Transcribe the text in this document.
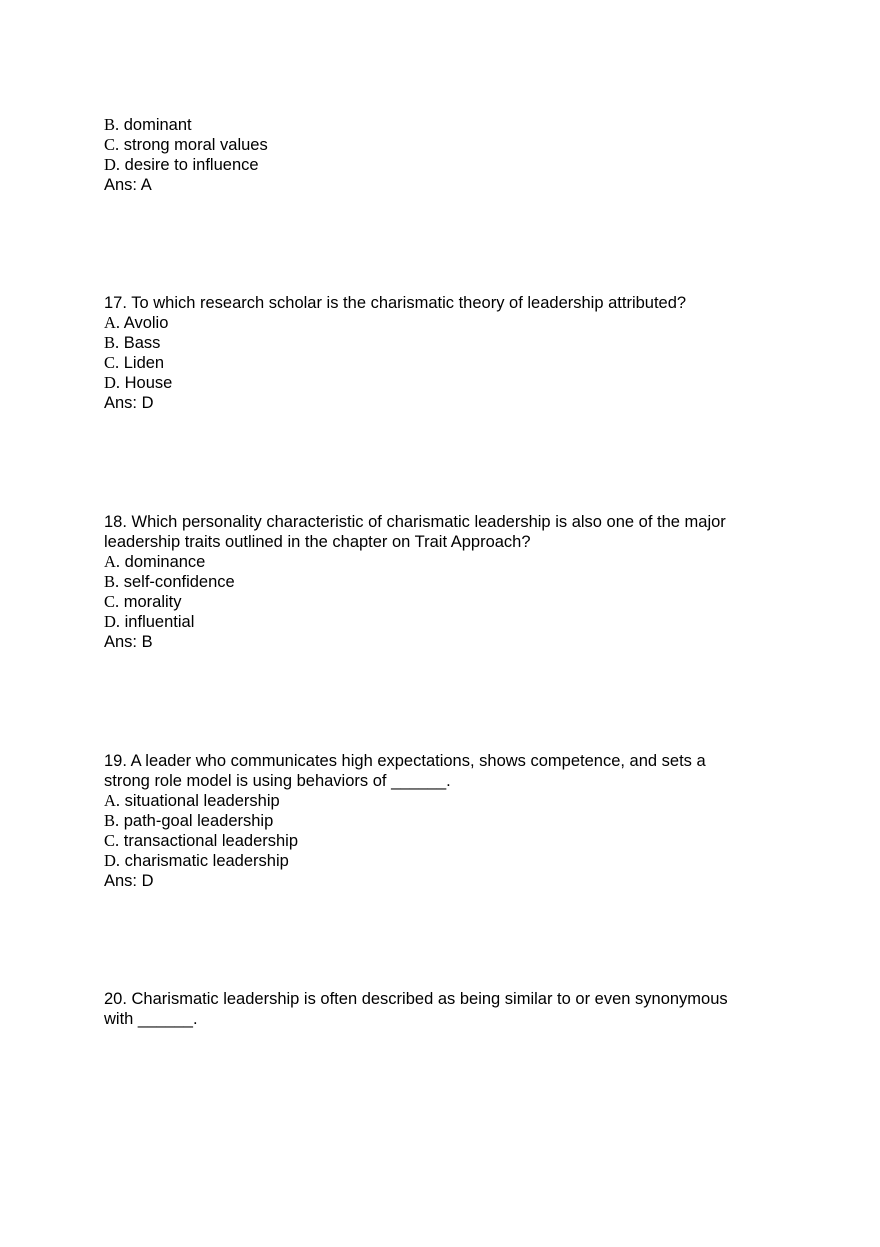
B. dominant
C. strong moral values
D. desire to influence
Ans: A
17. To which research scholar is the charismatic theory of leadership attributed?
A. Avolio
B. Bass
C. Liden
D. House
Ans: D
18. Which personality characteristic of charismatic leadership is also one of the major
leadership traits outlined in the chapter on Trait Approach?
A. dominance
B. self-confidence
C. morality
D. influential
Ans: B
19. A leader who communicates high expectations, shows competence, and sets a
strong role model is using behaviors of ______.
A. situational leadership
B. path-goal leadership
C. transactional leadership
D. charismatic leadership
Ans: D
20. Charismatic leadership is often described as being similar to or even synonymous
with ______.
